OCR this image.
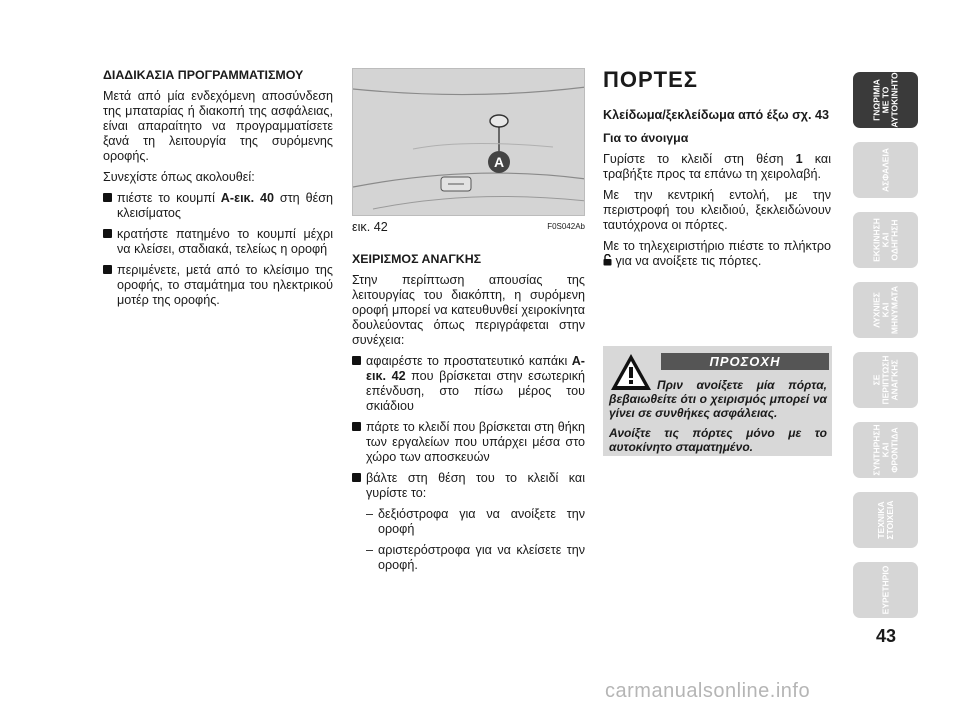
ΔΙΑΔΙΚΑΣΙΑ ΠΡΟΓΡΑΜΜΑΤΙΣΜΟΥ

Μετά από μία ενδεχόμενη αποσύνδεση της μπαταρίας ή διακοπή της ασφάλειας, είναι απαραίτητο να προγραμματίσετε ξανά τη λειτουργία της συρόμενης οροφής.

Συνεχίστε όπως ακολουθεί:

πιέστε το κουμπί A-εικ. 40 στη θέση κλεισίματος
κρατήστε πατημένο το κουμπί μέχρι να κλείσει, σταδιακά, τελείως η οροφή
περιμένετε, μετά από το κλείσιμο της οροφής, το σταμάτημα του ηλεκτρικού μοτέρ της οροφής.
A
εικ. 42	F0S042Ab
ΧΕΙΡΙΣΜΟΣ ΑΝΑΓΚΗΣ

Στην περίπτωση απουσίας της λειτουργίας του διακόπτη, η συρόμενη οροφή μπορεί να κατευθυνθεί χειροκίνητα δουλεύοντας όπως περιγράφεται στην συνέχεια:

αφαιρέστε το προστατευτικό καπάκι A-εικ. 42 που βρίσκεται στην εσωτερική επένδυση, στο πίσω μέρος του σκιάδιου
πάρτε το κλειδί που βρίσκεται στη θήκη των εργαλείων που υπάρχει μέσα στο χώρο των αποσκευών
βάλτε στη θέση του το κλειδί και γυρίστε το:
– δεξιόστροφα για να ανοίξετε την οροφή
– αριστερόστροφα για να κλείσετε την οροφή.
ΠΟΡΤΕΣ
Κλείδωμα/ξεκλείδωμα από έξω σχ. 43
Για το άνοιγμα

Γυρίστε το κλειδί στη θέση 1 και τραβήξτε προς τα επάνω τη χειρολαβή.

Με την κεντρική εντολή, με την περιστροφή του κλειδιού, ξεκλειδώνουν ταυτόχρονα οι πόρτες.

Με το τηλεχειριστήριο πιέστε το πλήκτρο  για να ανοίξετε τις πόρτες.

ΠΡΟΣΟΧΗ

Πριν ανοίξετε μία πόρτα, βεβαιωθείτε ότι ο χειρισμός μπορεί να γίνει σε συνθήκες ασφάλειας.

Ανοίξτε τις πόρτες μόνο με το αυτοκίνητο σταματημένο.

ΓΝΩΡΙΜΙΑ
ΜΕ ΤΟ
ΑΥΤΟΚΙΝΗΤΟ
ΑΣΦΑΛΕΙΑ
ΕΚΚΙΝΗΣΗ
ΚΑΙ
ΟΔΗΓΗΣΗ
ΛΥΧΝΙΕΣ
ΚΑΙ
ΜΗΝΥΜΑΤΑ
ΣΕ
ΠΕΡΙΠΤΩΣΗ
ΑΝΑΓΚΗΣ
ΣΥΝΤΗΡΗΣΗ
ΚΑΙ
ΦΡΟΝΤΙΔΑ
ΤΕΧΝΙΚΑ
ΣΤΟΙΧΕΙΑ
ΕΥΡΕΤΗΡΙΟ
43
carmanualsonline.info
